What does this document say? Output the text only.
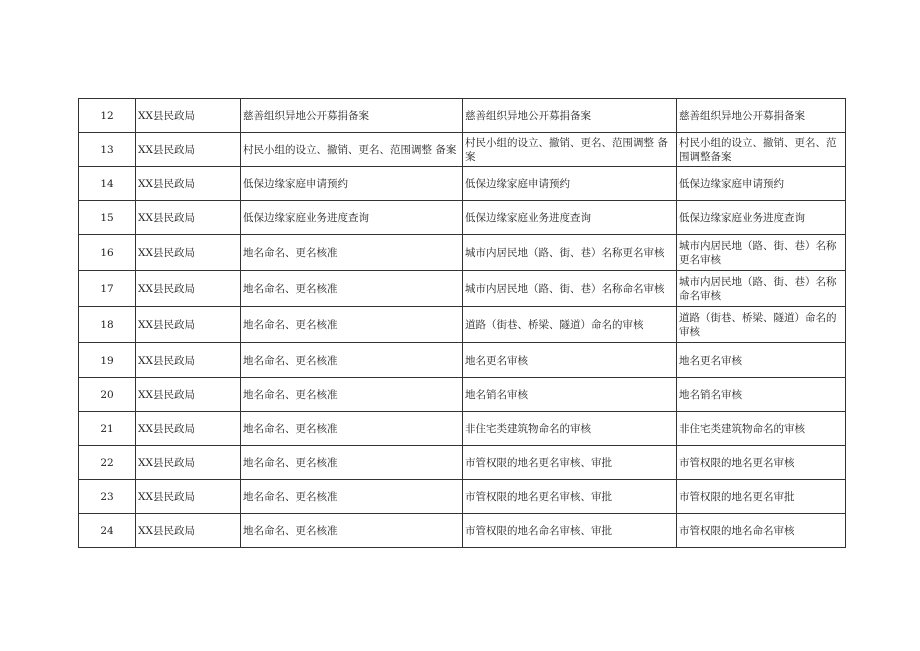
12	XX县民政局	慈善组织异地公开募捐备案	慈善组织异地公开募捐备案	慈善组织异地公开募捐备案
13	XX县民政局	村民小组的设立、撤销、更名、范围调整 备案	村民小组的设立、撤销、更名、范围调整 备案	村民小组的设立、撤销、更名、范围调整备案
14	XX县民政局	低保边缘家庭申请预约	低保边缘家庭申请预约	低保边缘家庭申请预约
15	XX县民政局	低保边缘家庭业务进度查询	低保边缘家庭业务进度查询	低保边缘家庭业务进度查询
16	XX县民政局	地名命名、更名核准	城市内居民地（路、街、巷）名称更名审核	城市内居民地（路、街、巷）名称 更名审核
17	XX县民政局	地名命名、更名核准	城市内居民地（路、街、巷）名称命名审核	城市内居民地（路、街、巷）名称 命名审核
18	XX县民政局	地名命名、更名核准	道路（街巷、桥梁、隧道）命名的审核	道路（街巷、桥梁、隧道）命名的审核
19	XX县民政局	地名命名、更名核准	地名更名审核	地名更名审核
20	XX县民政局	地名命名、更名核准	地名销名审核	地名销名审核
21	XX县民政局	地名命名、更名核准	非住宅类建筑物命名的审核	非住宅类建筑物命名的审核
22	XX县民政局	地名命名、更名核准	市管权限的地名更名审核、审批	市管权限的地名更名审核
23	XX县民政局	地名命名、更名核准	市管权限的地名更名审核、审批	市管权限的地名更名审批
24	XX县民政局	地名命名、更名核准	市管权限的地名命名审核、审批	市管权限的地名命名审核
